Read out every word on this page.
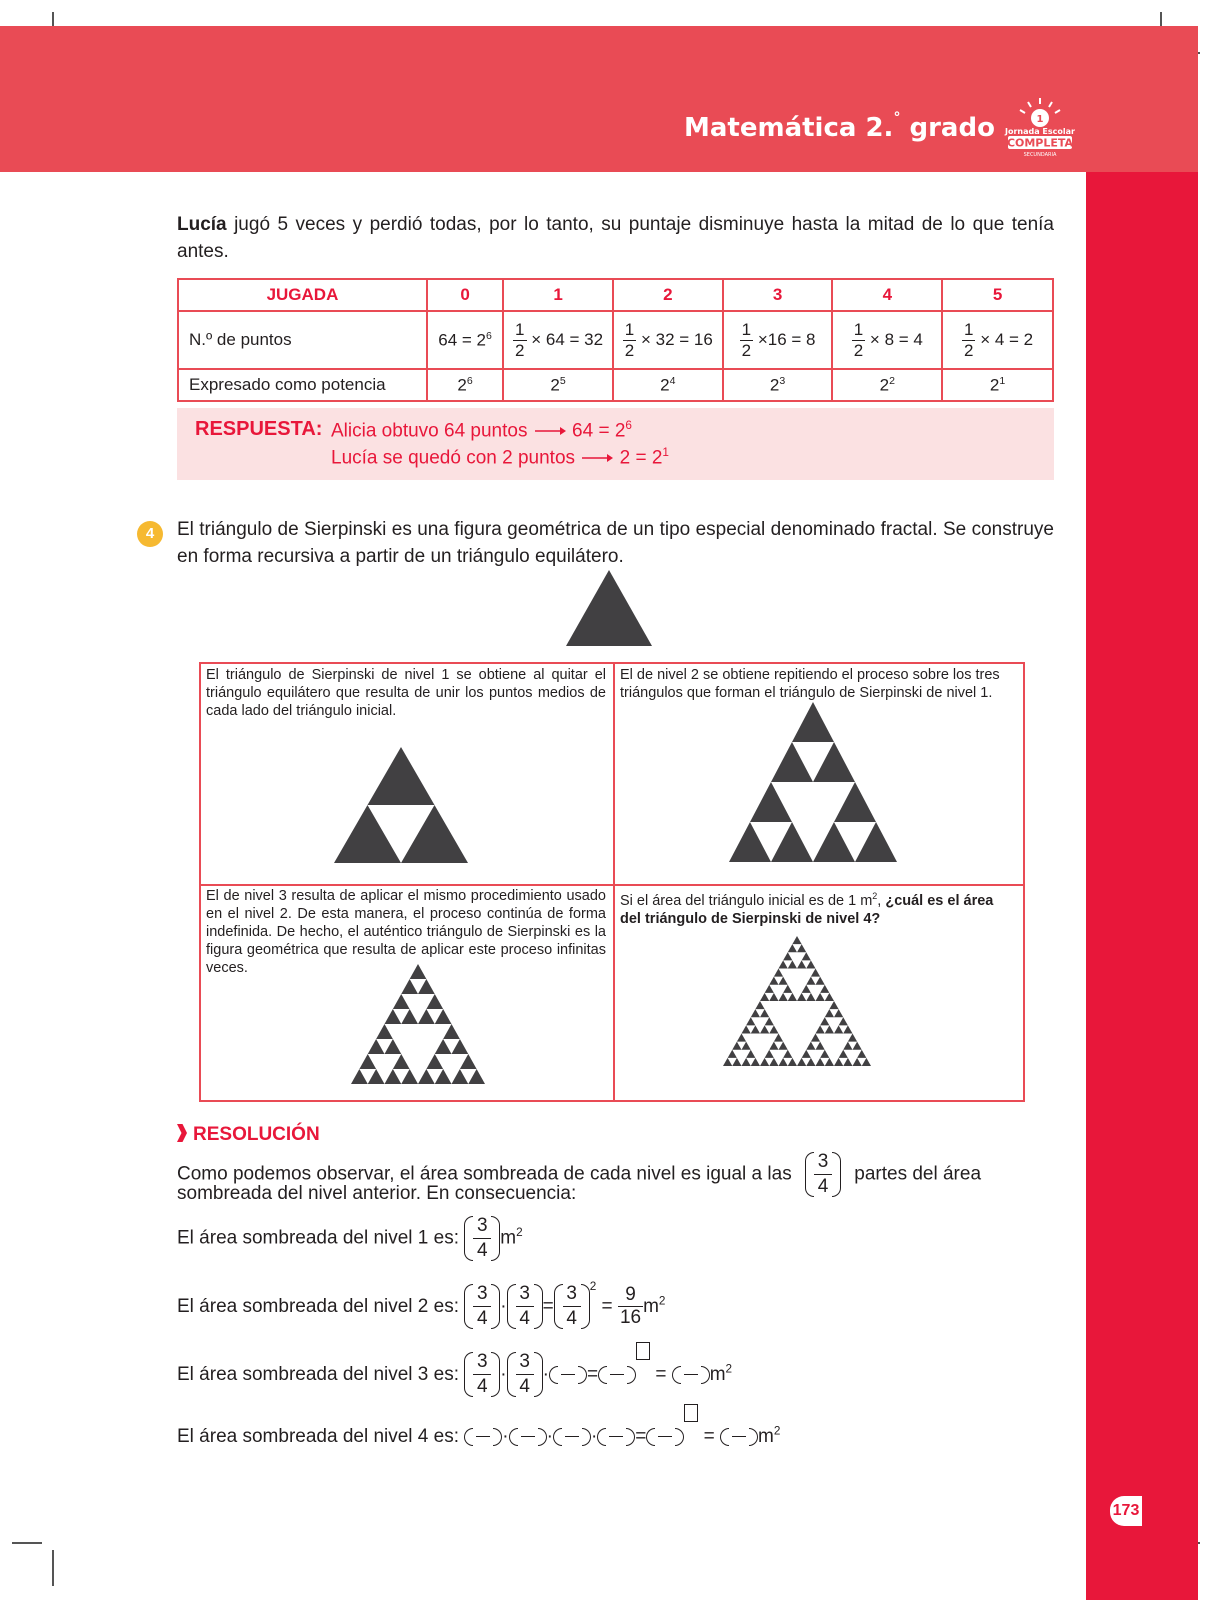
Matemática 2.° grado	1
Jornada Escolar
COMPLETA
SECUNDARIA
173
Lucía jugó 5 veces y perdió todas, por lo tanto, su puntaje disminuye hasta la mitad de lo que tenía antes.
JUGADA	0	1	2	3	4	5
N.º de puntos	$64 = 2^6$	$\frac{1}{2} \times 64 = 32$	$\frac{1}{2} \times 32 = 16$	$\frac{1}{2} \times 16 = 8$	$\frac{1}{2} \times 8 = 4$	$\frac{1}{2} \times 4 = 2$
Expresado como potencia	$2^6$	$2^5$	$2^4$	$2^3$	$2^2$	$2^1$
RESPUESTA: Alicia obtuvo 64 puntos $64 = 2^6$
Lucía se quedó con 2 puntos $2 = 2^1$
4	El triángulo de Sierpinski es una figura geométrica de un tipo especial denominado fractal. Se construye en forma recursiva a partir de un triángulo equilátero.
El triángulo de Sierpinski de nivel 1 se obtiene al quitar el triángulo equilátero que resulta de unir los puntos medios de cada lado del triángulo inicial.
El de nivel 2 se obtiene repitiendo el proceso sobre los tres triángulos que forman el triángulo de Sierpinski de nivel 1.
El de nivel 3 resulta de aplicar el mismo procedimiento usado en el nivel 2. De esta manera, el proceso continúa de forma indefinida. De hecho, el auténtico triángulo de Sierpinski es la figura geométrica que resulta de aplicar este proceso infinitas veces.
Si el área del triángulo inicial es de 1 $m^2$, ¿cuál es el área del triángulo de Sierpinski de nivel 4?
RESOLUCIÓN
Como podemos observar, el área sombreada de cada nivel es igual a las $\frac{3}{4}$ partes del área
sombreada del nivel anterior. En consecuencia:
El área sombreada del nivel 1 es: $\frac{3}{4} m^2$
El área sombreada del nivel 2 es: $\frac{3}{4} \cdot \frac{3}{4} = \frac{3}{4} ^2 = \frac{9}{16} m^2$
El área sombreada del nivel 3 es: $\frac{3}{4} \cdot \frac{3}{4}$ · =	= $m^2$
El área sombreada del nivel 4 es: · · · =	= $m^2$
